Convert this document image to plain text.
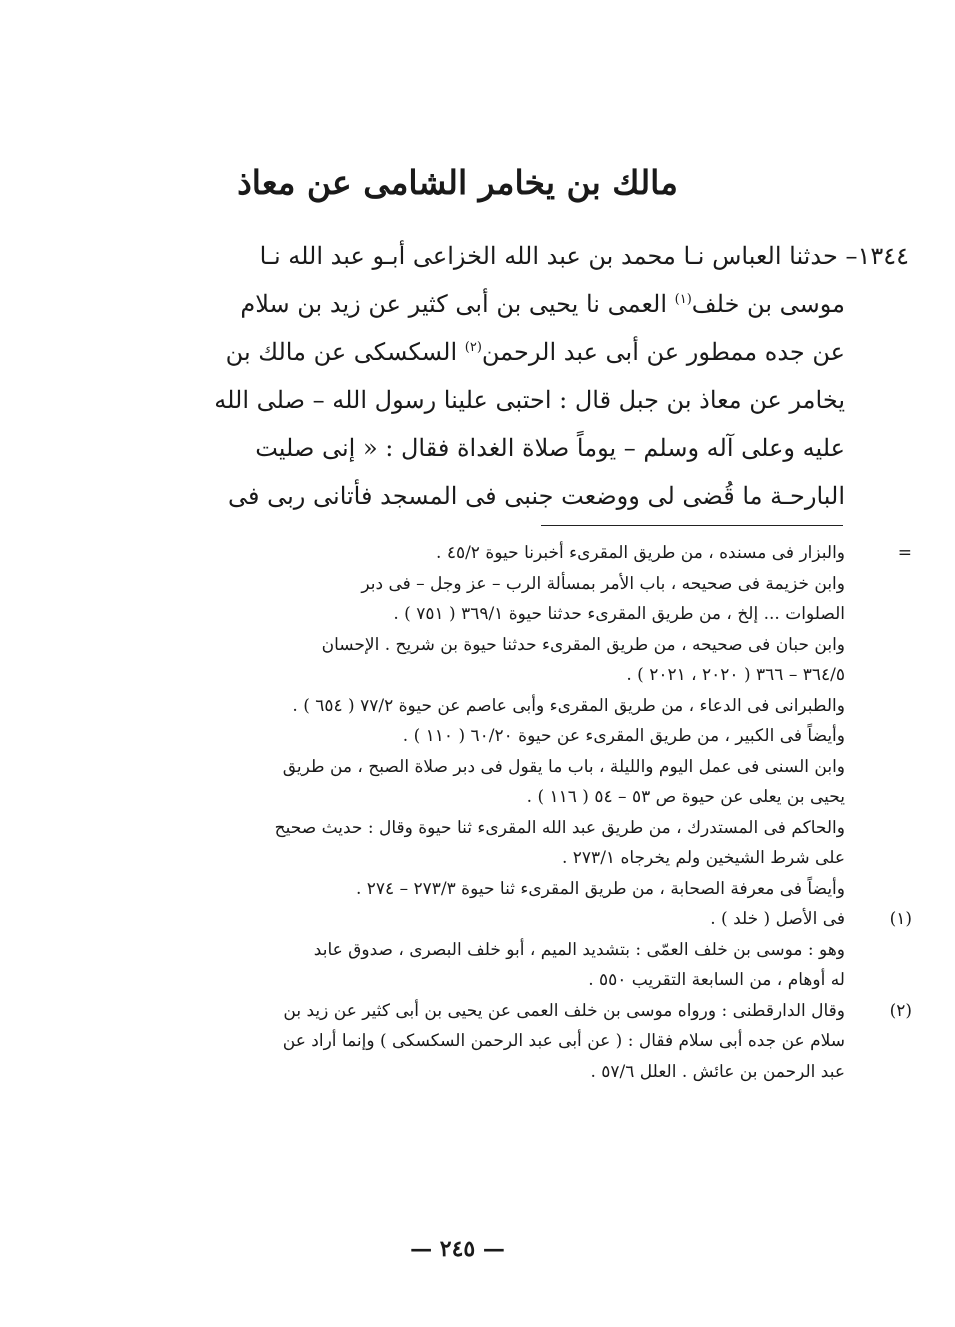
مالك بن يخامر الشامى عن معاذ
١٣٤٤– حدثنا العباس نـا محمد بن عبد الله الخزاعى أبـو عبد الله نـا
موسى بن خلف$^{(١)}$ العمى نا يحيى بن أبى كثير عن زيد بن سلام
عن جده ممطور عن أبى عبد الرحمن$^{(٢)}$ السكسكى عن مالك بن
يخامر عن معاذ بن جبل قال : احتبى علينا رسول الله – صلى الله
عليه وعلى آله وسلم – يوماً صلاة الغداة فقال : « إنى صليت
البارحـة ما قُضى لى ووضعت جنبى فى المسجد فأتانى ربى فى
=
والبزار فى مسنده ، من طريق المقرىء أخبرنا حيوة ٤٥/٢ .
وابن خزيمة فى صحيحه ، باب الأمر بمسألة الرب – عز وجل – فى دبر
الصلوات ... إلخ ، من طريق المقرىء حدثنا حيوة ٣٦٩/١ ( ٧٥١ ) .
وابن حبان فى صحيحه ، من طريق المقرىء حدثنا حيوة بن شريح . الإحسان
٣٦٤/٥ – ٣٦٦ ( ٢٠٢٠ ، ٢٠٢١ ) .
والطبرانى فى الدعاء ، من طريق المقرىء وأبى عاصم عن حيوة ٧٧/٢ ( ٦٥٤ ) .
وأيضاً فى الكبير ، من طريق المقرىء عن حيوة ٦٠/٢٠ ( ١١٠ ) .
وابن السنى فى عمل اليوم والليلة ، باب ما يقول فى دبر صلاة الصبح ، من طريق
يحيى بن يعلى عن حيوة ص ٥٣ – ٥٤ ( ١١٦ ) .
والحاكم فى المستدرك ، من طريق عبد الله المقرىء ثنا حيوة وقال : حديث صحيح
على شرط الشيخين ولم يخرجاه ٢٧٣/١ .
وأيضاً فى معرفة الصحابة ، من طريق المقرىء ثنا حيوة ٢٧٣/٣ – ٢٧٤ .
(١)
فى الأصل ( خلد ) .
وهو : موسى بن خلف العمّى : بتشديد الميم ، أبو خلف البصرى ، صدوق عابد
له أوهام ، من السابعة التقريب ٥٥٠ .
(٢)
وقال الدارقطنى : ورواه موسى بن خلف العمى عن يحيى بن أبى كثير عن زيد بن
سلام عن جده أبى سلام فقال : ( عن أبى عبد الرحمن السكسكى ) وإنما أراد عن
عبد الرحمن بن عائش . العلل ٥٧/٦ .
— ٢٤٥ —
